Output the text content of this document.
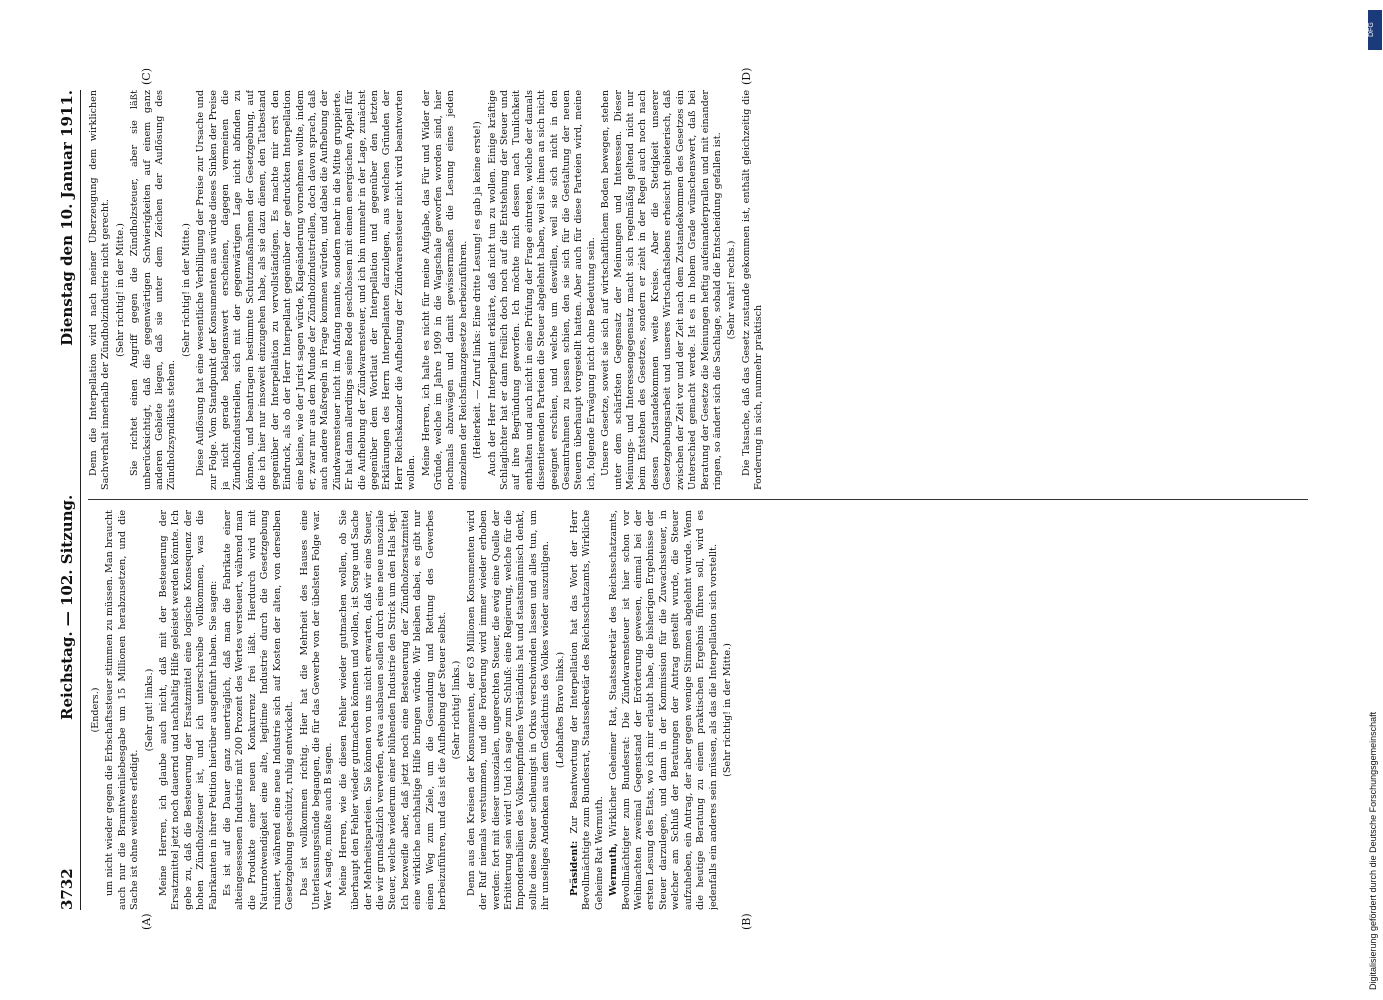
3732
Reichstag. — 102. Sitzung.
Dienstag den 10. Januar 1911.
(A)	(B)
(C)	(D)

(Enders.) um nicht wieder gegen die Erbschaftssteuer stimmen zu müssen. Man braucht auch nur die Branntweinliebesgabe um 15 Millionen herabzusetzen, und die Sache ist ohne weiteres erledigt.

(Sehr gut! links.) Meine Herren, ich glaube auch nicht, daß mit der Besteuerung der Ersatzmittel jetzt noch dauernd und nachhaltig Hilfe geleistet werden könnte. Ich gebe zu, daß die Besteuerung der Ersatzmittel eine logische Konsequenz der hohen Zündholzsteuer ist, und ich unterschreibe vollkommen, was die Fabrikanten in ihrer Petition hierüber ausgeführt haben. Sie sagen: Es ist auf die Dauer ganz unerträglich, daß man die Fabrikate einer alteingesessenen Industrie mit 200 Prozent des Wertes versteuert, während man die Produkte einer neuen Konkurrenz frei läßt. Hierdurch wird mit Naturnotwendigkeit eine alte, legitime Industrie durch die Gesetzgebung ruiniert, während eine neue Industrie sich auf Kosten der alten, von derselben Gesetzgebung geschützt, ruhig entwickelt. Das ist vollkommen richtig. Hier hat die Mehrheit des Hauses eine Unterlassungssünde begangen, die für das Gewerbe von der übelsten Folge war. Wer A sagte, mußte auch B sagen. Meine Herren, wie die diesen Fehler wieder gutmachen wollen, ob Sie überhaupt den Fehler wieder gutmachen können und wollen, ist Sorge und Sache der Mehrheitsparteien. Sie können von uns nicht erwarten, daß wir eine Steuer, die wir grundsätzlich verwerfen, etwa ausbauen sollen durch eine neue unsoziale Steuer, welche wiederum einer blühenden Industrie den Strick um den Hals legt. Ich bezweifle aber, daß jetzt noch eine Besteuerung der Zündholzersatzmittel eine wirkliche nachhaltige Hilfe bringen würde. Wir bleiben dabei, es gibt nur einen Weg zum Ziele, um die Gesundung und Rettung des Gewerbes herbeizuführen, und das ist die Aufhebung der Steuer selbst. (Sehr richtig! links.) Denn aus den Kreisen der Konsumenten, der 63 Millionen Konsumenten wird der Ruf niemals verstummen, und die Forderung wird immer wieder erhoben werden: fort mit dieser unsozialen, ungerechten Steuer, die ewig eine Quelle der Erbitterung sein wird! Und ich sage zum Schluß: eine Regierung, welche für die Imponderabilien des Volksempfindens Verständnis hat und staatsmännisch denkt, sollte diese Steuer schleunigst in Orkus verschwinden lassen und alles tun, um ihr unseliges Andenken aus dem Gedächtnis des Volkes wieder auszutilgen. (Lebhaftes Bravo links.)

Präsident: Zur Beantwortung der Interpellation hat das Wort der Herr Bevollmächtigte zum Bundesrat, Staatssekretär des Reichsschatzamts, Wirkliche Geheime Rat Wermuth. Wermuth, Wirklicher Geheimer Rat, Staatssekretär des Reichsschatzamts, Bevollmächtigter zum Bundesrat: Die Zündwarensteuer ist hier schon vor Weihnachten zweimal Gegenstand der Erörterung gewesen, einmal bei der ersten Lesung des Etats, wo ich mir erlaubt habe, die bisherigen Ergebnisse der Steuer darzulegen, und dann in der Kommission für die Zuwachssteuer, in welcher am Schluß der Beratungen der Antrag gestellt wurde, die Steuer aufzuheben, ein Antrag, der aber gegen wenige Stimmen abgelehnt wurde. Wenn die heutige Beratung zu einem praktischen Ergebnis führen soll, wird es jedenfalls ein anderes sein müssen, als das die Interpellation sich vorstellt. (Sehr richtig! in der Mitte.)

Denn die Interpellation wird nach meiner Überzeugung dem wirklichen Sachverhalt innerhalb der Zündholzindustrie nicht gerecht. (Sehr richtig! in der Mitte.) Sie richtet einen Angriff gegen die Zündholzsteuer, aber sie läßt unberücksichtigt, daß die gegenwärtigen Schwierigkeiten auf einem ganz anderen Gebiete liegen, daß sie unter dem Zeichen der Auflösung des Zündholzsyndikats stehen.

(Sehr richtig! in der Mitte.) Diese Auflösung hat eine wesentliche Verbilligung der Preise zur Ursache und zur Folge. Vom Standpunkt der Konsumenten aus würde dieses Sinken der Preise ja nicht gerade beklagenswert erscheinen, dagegen vermeinen die Zündholzindustriellen, sich mit der gegenwärtigen Lage nicht abfinden zu können, und beantragen bestimmte Schutzmaßnahmen der Gesetzgebung, auf die ich hier nur insoweit einzugehen habe, als sie dazu dienen, den Tatbestand gegenüber der Interpellation zu vervollständigen. Es machte mir erst den Eindruck, als ob der Herr Interpellant gegenüber der gedruckten Interpellation eine kleine, wie der Jurist sagen würde, Klageänderung vornehmen wollte, indem er, zwar nur aus dem Munde der Zündholzindustriellen, doch davon sprach, daß auch andere Maßregeln in Frage kommen würden, und dabei die Aufhebung der Zündwarensteuer nicht im Anfang nannte, sondern mehr in die Mitte gruppierte. Er hat dann allerdings seine Rede geschlossen mit einem energischen Appell für die Aufhebung der Zündwarensteuer, und ich bin nunmehr in der Lage, zunächst gegenüber dem Wortlaut der Interpellation und gegenüber den letzten Erklärungen des Herrn Interpellanten darzulegen, aus welchen Gründen der Herr Reichskanzler die Aufhebung der Zündwarensteuer nicht wird beantworten wollen. Meine Herren, ich halte es nicht für meine Aufgabe, das Für und Wider der Gründe, welche im Jahre 1909 in die Wagschale geworfen worden sind, hier nochmals abzuwägen und damit gewissermaßen die Lesung eines jeden einzelnen der Reichsfinanzgesetze herbeizuführen. (Heiterkeit. — Zuruf links: Eine dritte Lesung! es gab ja keine erste!) Auch der Herr Interpellant erklärte, daß nicht tun zu wollen. Einige kräftige Schlaglichter hat er dann freilich doch noch auf die Entstehung der Steuer und auf ihre Begründung geworfen. Ich möchte mich dessen nach Tunlichkeit enthalten und auch nicht in eine Prüfung der Frage eintreten, welche der damals dissentierenden Parteien die Steuer abgelehnt haben, weil sie ihnen an sich nicht geeignet erschien, und welche um deswillen, weil sie sich nicht in den Gesamtrahmen zu passen schien, den sie sich für die Gestaltung der neuen Steuern überhaupt vorgestellt hatten. Aber auch für diese Parteien wird, meine ich, folgende Erwägung nicht ohne Bedeutung sein. Unsere Gesetze, soweit sie sich auf wirtschaftlichem Boden bewegen, stehen unter dem schärfsten Gegensatz der Meinungen und Interessen. Dieser Meinungs- und Interessengegensatz macht sich regelmäßig geltend nicht nur beim Entstehen des Gesetzes, sondern er zieht in der Regel auch noch nach dessen Zustandekommen weite Kreise. Aber die Stetigkeit unserer Gesetzgebungsarbeit und unseres Wirtschaftslebens erheischt gebieterisch, daß zwischen der Zeit vor und der Zeit nach dem Zustandekommen des Gesetzes ein Unterschied gemacht werde. Ist es in hohem Grade wünschenswert, daß bei Beratung der Gesetze die Meinungen heftig aufeinanderprallen und mit einander ringen, so ändert sich die Sachlage, sobald die Entscheidung gefallen ist. (Sehr wahr! rechts.) Die Tatsache, daß das Gesetz zustande gekommen ist, enthält gleichzeitig die Forderung in sich, nunmehr praktisch

DFG
Digitalisierung gefördert durch die Deutsche Forschungsgemeinschaft
